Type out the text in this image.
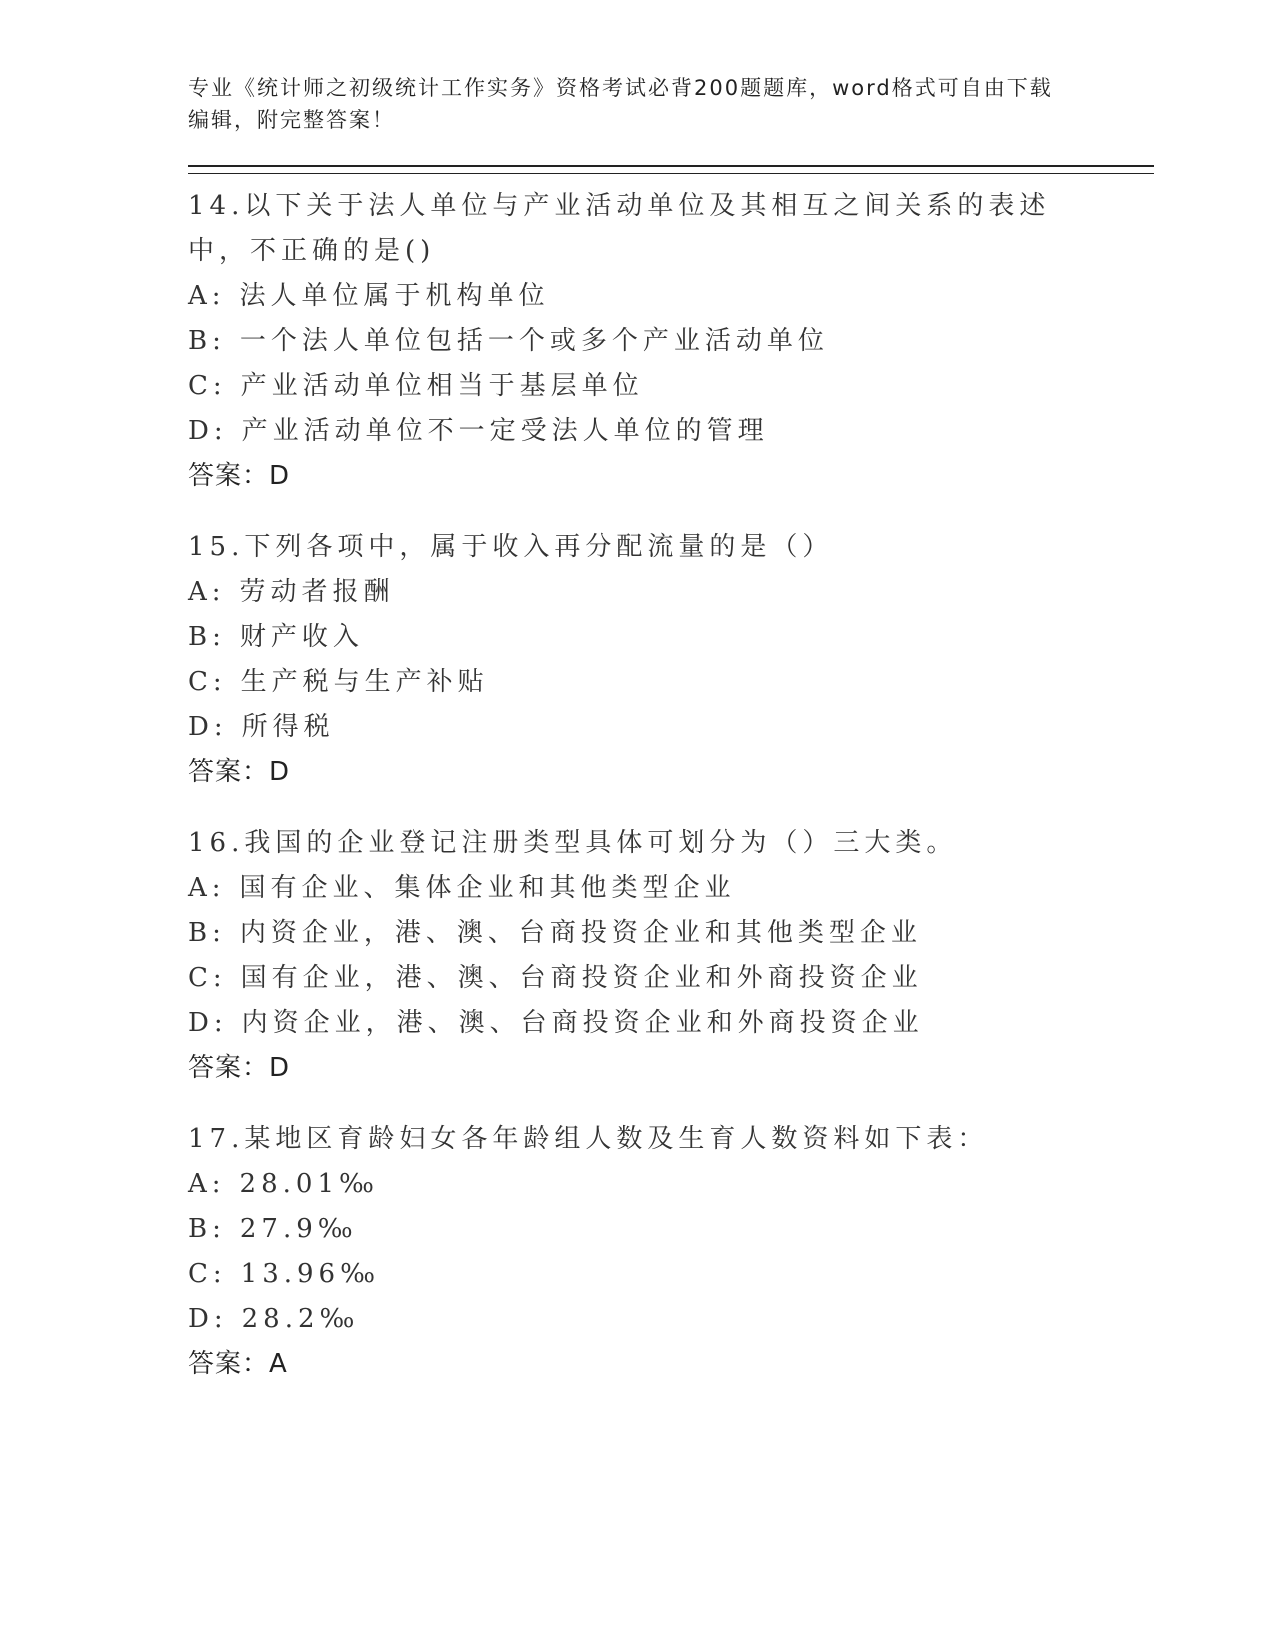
专业《统计师之初级统计工作实务》资格考试必背200题题库，word格式可自由下载编辑，附完整答案！

14.以下关于法人单位与产业活动单位及其相互之间关系的表述中，不正确的是()

A: 法人单位属于机构单位

B: 一个法人单位包括一个或多个产业活动单位

C: 产业活动单位相当于基层单位

D: 产业活动单位不一定受法人单位的管理

答案：D

15.下列各项中，属于收入再分配流量的是（）

A: 劳动者报酬

B: 财产收入

C: 生产税与生产补贴

D: 所得税

答案：D

16.我国的企业登记注册类型具体可划分为（）三大类。

A: 国有企业、集体企业和其他类型企业

B: 内资企业，港、澳、台商投资企业和其他类型企业

C: 国有企业，港、澳、台商投资企业和外商投资企业

D: 内资企业，港、澳、台商投资企业和外商投资企业

答案：D

17.某地区育龄妇女各年龄组人数及生育人数资料如下表：

A: 28.01‰

B: 27.9‰

C: 13.96‰

D: 28.2‰

答案：A
